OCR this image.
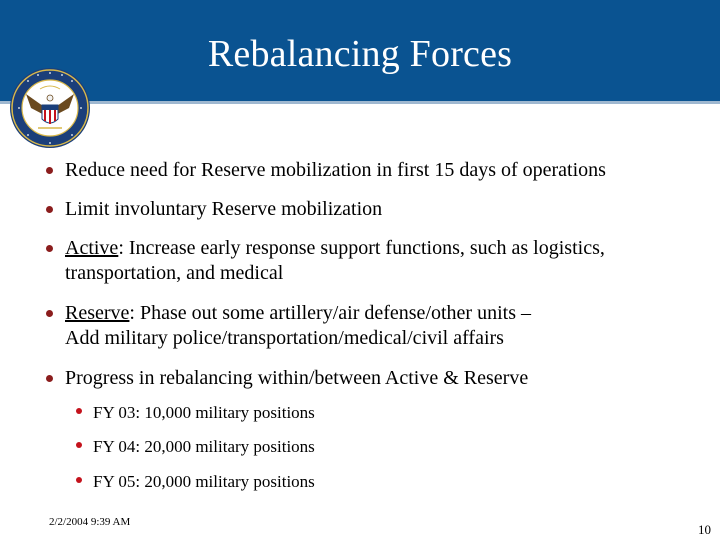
Rebalancing Forces
Reduce need for Reserve mobilization in first 15 days of operations
Limit involuntary Reserve mobilization
Active: Increase early response support functions, such as logistics,
transportation, and medical
Reserve: Phase out some artillery/air defense/other units –
Add military police/transportation/medical/civil affairs
Progress in rebalancing within/between Active & Reserve
FY 03: 10,000 military positions
FY 04: 20,000 military positions
FY 05: 20,000 military positions
2/2/2004 9:39 AM	10
